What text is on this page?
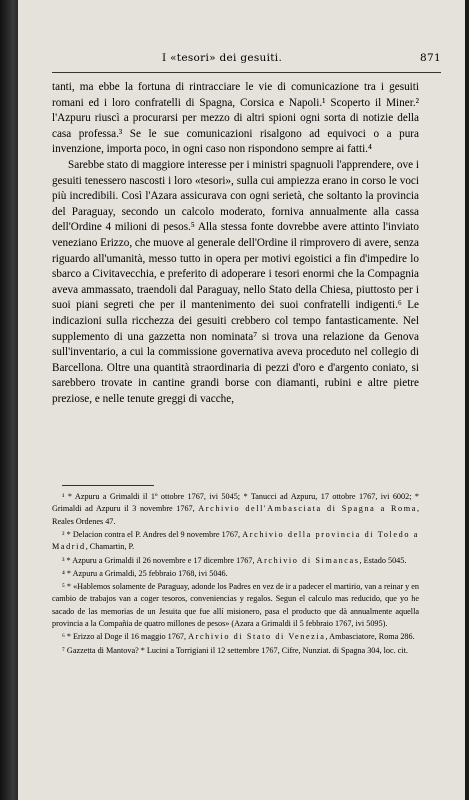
I «tesori» dei gesuiti.	871

tanti, ma ebbe la fortuna di rintracciare le vie di comunicazione tra i gesuiti romani ed i loro confratelli di Spagna, Corsica e Napoli.¹ Scoperto il Miner.² l'Azpuru riuscì a procurarsi per mezzo di altri spioni ogni sorta di notizie della casa professa.³ Se le sue comunicazioni risalgono ad equivoci o a pura invenzione, importa poco, in ogni caso non rispondono sempre ai fatti.⁴

Sarebbe stato di maggiore interesse per i ministri spagnuoli l'apprendere, ove i gesuiti tenessero nascosti i loro «tesori», sulla cui ampiezza erano in corso le voci più incredibili. Così l'Azara assicurava con ogni serietà, che soltanto la provincia del Paraguay, secondo un calcolo moderato, forniva annualmente alla cassa dell'Ordine 4 milioni di pesos.⁵ Alla stessa fonte dovrebbe avere attinto l'inviato veneziano Erizzo, che muove al generale dell'Ordine il rimprovero di avere, senza riguardo all'umanità, messo tutto in opera per motivi egoistici a fin d'impedire lo sbarco a Civitavecchia, e preferito di adoperare i tesori enormi che la Compagnia aveva ammassato, traendoli dal Paraguay, nello Stato della Chiesa, piuttosto per i suoi piani segreti che per il mantenimento dei suoi confratelli indigenti.⁶ Le indicazioni sulla ricchezza dei gesuiti crebbero col tempo fantasticamente. Nel supplemento di una gazzetta non nominata⁷ si trova una relazione da Genova sull'inventario, a cui la commissione governativa aveva proceduto nel collegio di Barcellona. Oltre una quantità straordinaria di pezzi d'oro e d'argento coniato, si sarebbero trovate in cantine grandi borse con diamanti, rubini e altre pietre preziose, e nelle tenute greggi di vacche,

¹ * Azpuru a Grimaldi il 1º ottobre 1767, ivi 5045; * Tanucci ad Azpuru, 17 ottobre 1767, ivi 6002; * Grimaldi ad Azpuru il 3 novembre 1767, Archivio dell'Ambasciata di Spagna a Roma, Reales Ordenes 47.

² * Delacion contra el P. Andres del 9 novembre 1767, Archivio della provincia di Toledo a Madrid, Chamartin, P.

³ * Azpuru a Grimaldi il 26 novembre e 17 dicembre 1767, Archivio di Simancas, Estado 5045.

⁴ * Azpuru a Grimaldi, 25 febbraio 1768, ivi 5046.

⁵ * «Hablemos solamente de Paraguay, adonde los Padres en vez de ir a padecer el martirio, van a reinar y en cambio de trabajos van a coger tesoros, conveniencias y regalos. Segun el calculo mas reducido, que yo he sacado de las memorias de un Jesuita que fue allí misionero, pasa el producto que dà annualmente aquella provincia a la Compañia de quatro millones de pesos» (Azara a Grimaldi il 5 febbraio 1767, ivi 5095).

⁶ * Erizzo al Doge il 16 maggio 1767, Archivio di Stato di Venezia, Ambasciatore, Roma 286.

⁷ Gazzetta di Mantova? * Lucini a Torrigiani il 12 settembre 1767, Cifre, Nunziat. di Spagna 304, loc. cit.
